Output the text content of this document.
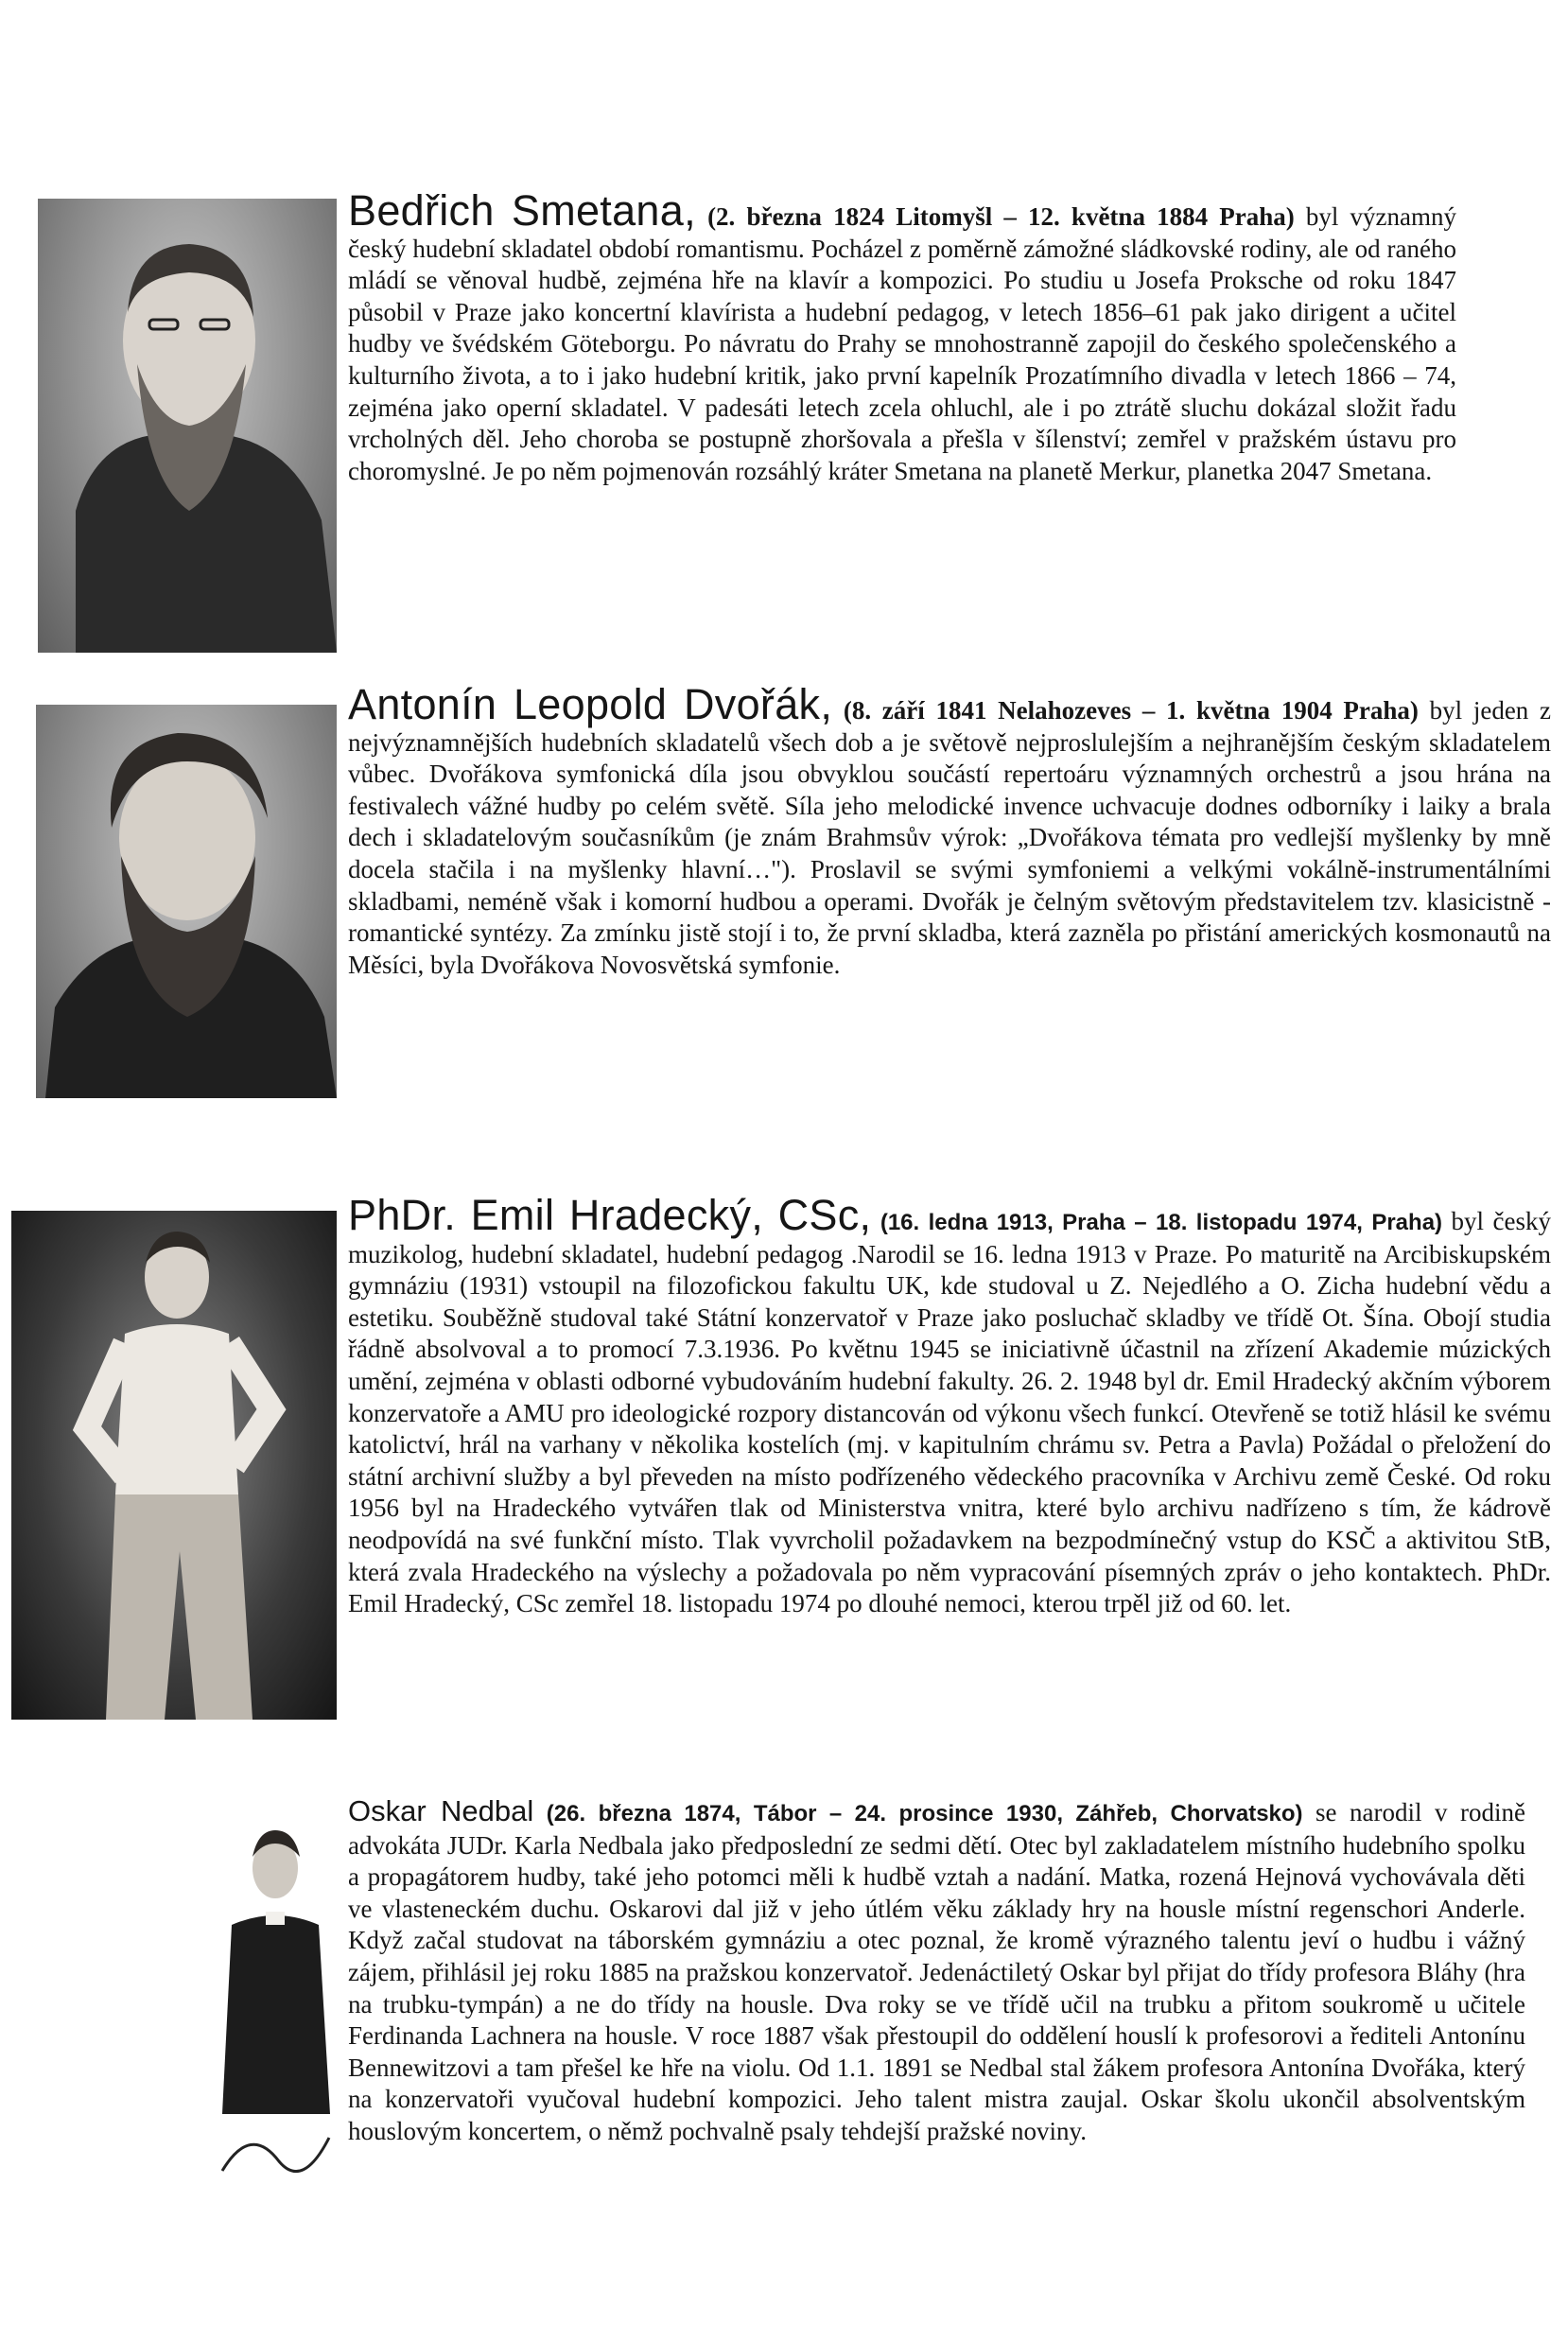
Bedřich Smetana, (2. března 1824 Litomyšl – 12. května 1884 Praha) byl významný český hudební skladatel období romantismu. Pocházel z poměrně zámožné sládkovské rodiny, ale od raného mládí se věnoval hudbě, zejména hře na klavír a kompozici. Po studiu u Josefa Proksche od roku 1847 působil v Praze jako koncertní klavírista a hudební pedagog, v letech 1856–61 pak jako dirigent a učitel hudby ve švédském Göteborgu. Po návratu do Prahy se mnohostranně zapojil do českého společenského a kulturního života, a to i jako hudební kritik, jako první kapelník Prozatímního divadla v letech 1866 – 74, zejména jako operní skladatel. V padesáti letech zcela ohluchl, ale i po ztrátě sluchu dokázal složit řadu vrcholných děl. Jeho choroba se postupně zhoršovala a přešla v šílenství; zemřel v pražském ústavu pro choromyslné. Je po něm pojmenován rozsáhlý kráter Smetana na planetě Merkur, planetka 2047 Smetana.

Antonín Leopold Dvořák, (8. září 1841 Nelahozeves – 1. května 1904 Praha) byl jeden z nejvýznamnějších hudebních skladatelů všech dob a je světově nejproslulejším a nejhranějším českým skladatelem vůbec. Dvořákova symfonická díla jsou obvyklou součástí repertoáru významných orchestrů a jsou hrána na festivalech vážné hudby po celém světě. Síla jeho melodické invence uchvacuje dodnes odborníky i laiky a brala dech i skladatelovým současníkům (je znám Brahmsův výrok: „Dvořákova témata pro vedlejší myšlenky by mně docela stačila i na myšlenky hlavní…"). Proslavil se svými symfoniemi a velkými vokálně-instrumentálními skladbami, neméně však i komorní hudbou a operami. Dvořák je čelným světovým představitelem tzv. klasicistně - romantické syntézy. Za zmínku jistě stojí i to, že první skladba, která zazněla po přistání amerických kosmonautů na Měsíci, byla Dvořákova Novosvětská symfonie.

PhDr. Emil Hradecký, CSc, (16. ledna 1913, Praha – 18. listopadu 1974, Praha) byl český muzikolog, hudební skladatel, hudební pedagog .Narodil se 16. ledna 1913 v Praze. Po maturitě na Arcibiskupském gymnáziu (1931) vstoupil na filozofickou fakultu UK, kde studoval u Z. Nejedlého a O. Zicha hudební vědu a estetiku. Souběžně studoval také Státní konzervatoř v Praze jako posluchač skladby ve třídě Ot. Šína. Obojí studia řádně absolvoval a to promocí 7.3.1936. Po květnu 1945 se iniciativně účastnil na zřízení Akademie múzických umění, zejména v oblasti odborné vybudováním hudební fakulty. 26. 2. 1948 byl dr. Emil Hradecký akčním výborem konzervatoře a AMU pro ideologické rozpory distancován od výkonu všech funkcí. Otevřeně se totiž hlásil ke svému katolictví, hrál na varhany v několika kostelích (mj. v kapitulním chrámu sv. Petra a Pavla) Požádal o přeložení do státní archivní služby a byl převeden na místo podřízeného vědeckého pracovníka v Archivu země České. Od roku 1956 byl na Hradeckého vytvářen tlak od Ministerstva vnitra, které bylo archivu nadřízeno s tím, že kádrově neodpovídá na své funkční místo. Tlak vyvrcholil požadavkem na bezpodmínečný vstup do KSČ a aktivitou StB, která zvala Hradeckého na výslechy a požadovala po něm vypracování písemných zpráv o jeho kontaktech. PhDr. Emil Hradecký, CSc zemřel 18. listopadu 1974 po dlouhé nemoci, kterou trpěl již od 60. let.

Oskar Nedbal (26. března 1874, Tábor – 24. prosince 1930, Záhřeb, Chorvatsko) se narodil v rodině advokáta JUDr. Karla Nedbala jako předposlední ze sedmi dětí. Otec byl zakladatelem místního hudebního spolku a propagátorem hudby, také jeho potomci měli k hudbě vztah a nadání. Matka, rozená Hejnová vychovávala děti ve vlasteneckém duchu. Oskarovi dal již v jeho útlém věku základy hry na housle místní regenschori Anderle. Když začal studovat na táborském gymnáziu a otec poznal, že kromě výrazného talentu jeví o hudbu i vážný zájem, přihlásil jej roku 1885 na pražskou konzervatoř. Jedenáctiletý Oskar byl přijat do třídy profesora Bláhy (hra na trubku-tympán) a ne do třídy na housle. Dva roky se ve třídě učil na trubku a přitom soukromě u učitele Ferdinanda Lachnera na housle. V roce 1887 však přestoupil do oddělení houslí k profesorovi a řediteli Antonínu Bennewitzovi a tam přešel ke hře na violu. Od 1.1. 1891 se Nedbal stal žákem profesora Antonína Dvořáka, který na konzervatoři vyučoval hudební kompozici. Jeho talent mistra zaujal. Oskar školu ukončil absolventským houslovým koncertem, o němž pochvalně psaly tehdejší pražské noviny.
